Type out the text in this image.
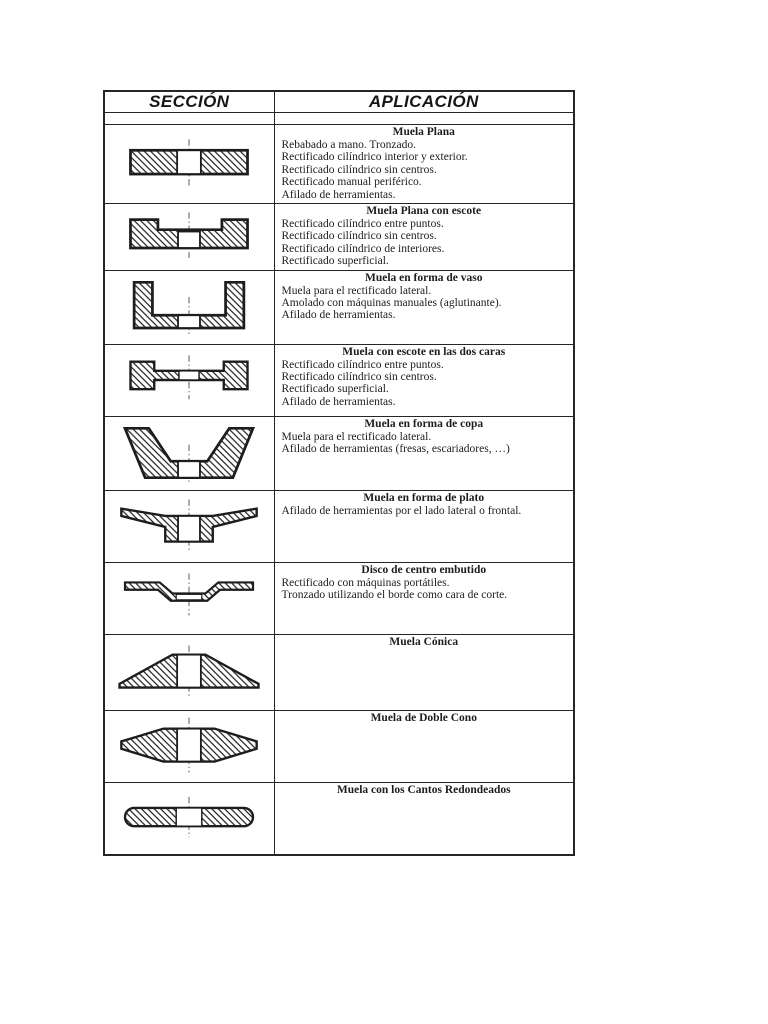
SECCIÓN	APLICACIÓN

Muela Plana
Rebabado a mano. Tronzado.
Rectificado cilíndrico interior y exterior.
Rectificado cilíndrico sin centros.
Rectificado manual periférico.
Afilado de herramientas.

Muela Plana con escote
Rectificado cilíndrico entre puntos.
Rectificado cilíndrico sin centros.
Rectificado cilíndrico de interiores.
Rectificado superficial.

Muela en forma de vaso
Muela para el rectificado lateral.
Amolado con máquinas manuales (aglutinante).
Afilado de herramientas.

Muela con escote en las dos caras
Rectificado cilíndrico entre puntos.
Rectificado cilíndrico sin centros.
Rectificado superficial.
Afilado de herramientas.

Muela en forma de copa
Muela para el rectificado lateral.
Afilado de herramientas (fresas, escariadores, …)

Muela en forma de plato
Afilado de herramientas por el lado lateral o frontal.

Disco de centro embutido
Rectificado con máquinas portátiles.
Tronzado utilizando el borde como cara de corte.

Muela Cónica

Muela de Doble Cono

Muela con los Cantos Redondeados
